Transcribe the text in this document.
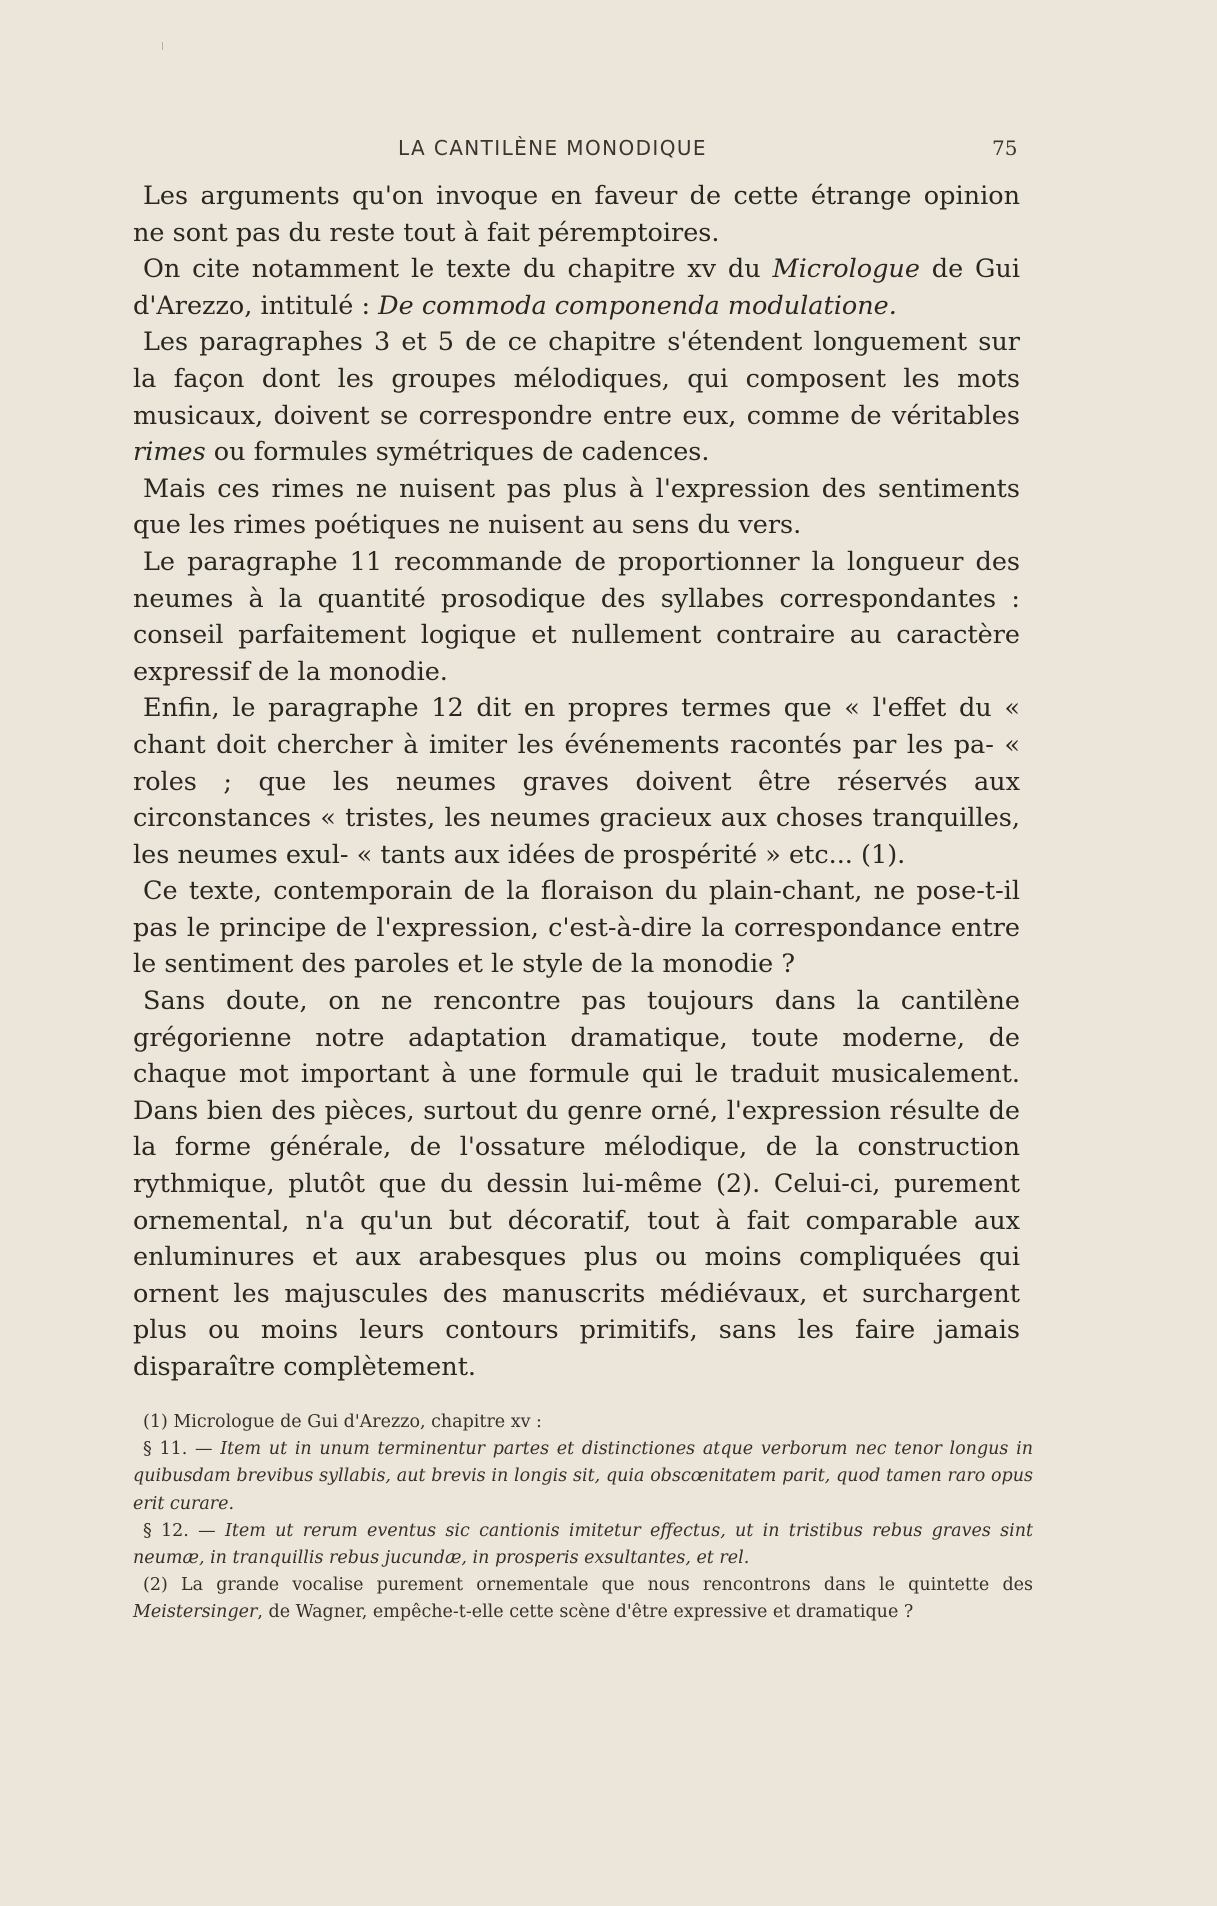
LA CANTILÈNE MONODIQUE	75

Les arguments qu'on invoque en faveur de cette étrange opinion ne sont pas du reste tout à fait péremptoires.

On cite notamment le texte du chapitre xv du Micrologue de Gui d'Arezzo, intitulé : De commoda componenda modulatione.

Les paragraphes 3 et 5 de ce chapitre s'étendent longuement sur la façon dont les groupes mélodiques, qui composent les mots musicaux, doivent se correspondre entre eux, comme de véritables rimes ou formules symétriques de cadences.

Mais ces rimes ne nuisent pas plus à l'expression des sentiments que les rimes poétiques ne nuisent au sens du vers.

Le paragraphe 11 recommande de proportionner la longueur des neumes à la quantité prosodique des syllabes correspondantes : conseil parfaitement logique et nullement contraire au caractère expressif de la monodie.

Enfin, le paragraphe 12 dit en propres termes que « l'effet du « chant doit chercher à imiter les événements racontés par les pa- « roles ; que les neumes graves doivent être réservés aux circonstances « tristes, les neumes gracieux aux choses tranquilles, les neumes exul- « tants aux idées de prospérité » etc... (1).

Ce texte, contemporain de la floraison du plain-chant, ne pose-t-il pas le principe de l'expression, c'est-à-dire la correspondance entre le sentiment des paroles et le style de la monodie ?

Sans doute, on ne rencontre pas toujours dans la cantilène grégorienne notre adaptation dramatique, toute moderne, de chaque mot important à une formule qui le traduit musicalement. Dans bien des pièces, surtout du genre orné, l'expression résulte de la forme générale, de l'ossature mélodique, de la construction rythmique, plutôt que du dessin lui-même (2). Celui-ci, purement ornemental, n'a qu'un but décoratif, tout à fait comparable aux enluminures et aux arabesques plus ou moins compliquées qui ornent les majuscules des manuscrits médiévaux, et surchargent plus ou moins leurs contours primitifs, sans les faire jamais disparaître complètement.

(1) Micrologue de Gui d'Arezzo, chapitre xv :

§ 11. — Item ut in unum terminentur partes et distinctiones atque verborum nec tenor longus in quibusdam brevibus syllabis, aut brevis in longis sit, quia obscœnitatem parit, quod tamen raro opus erit curare.

§ 12. — Item ut rerum eventus sic cantionis imitetur effectus, ut in tristibus rebus graves sint neumæ, in tranquillis rebus jucundæ, in prosperis exsultantes, et rel.

(2) La grande vocalise purement ornementale que nous rencontrons dans le quintette des Meistersinger, de Wagner, empêche-t-elle cette scène d'être expressive et dramatique ?
